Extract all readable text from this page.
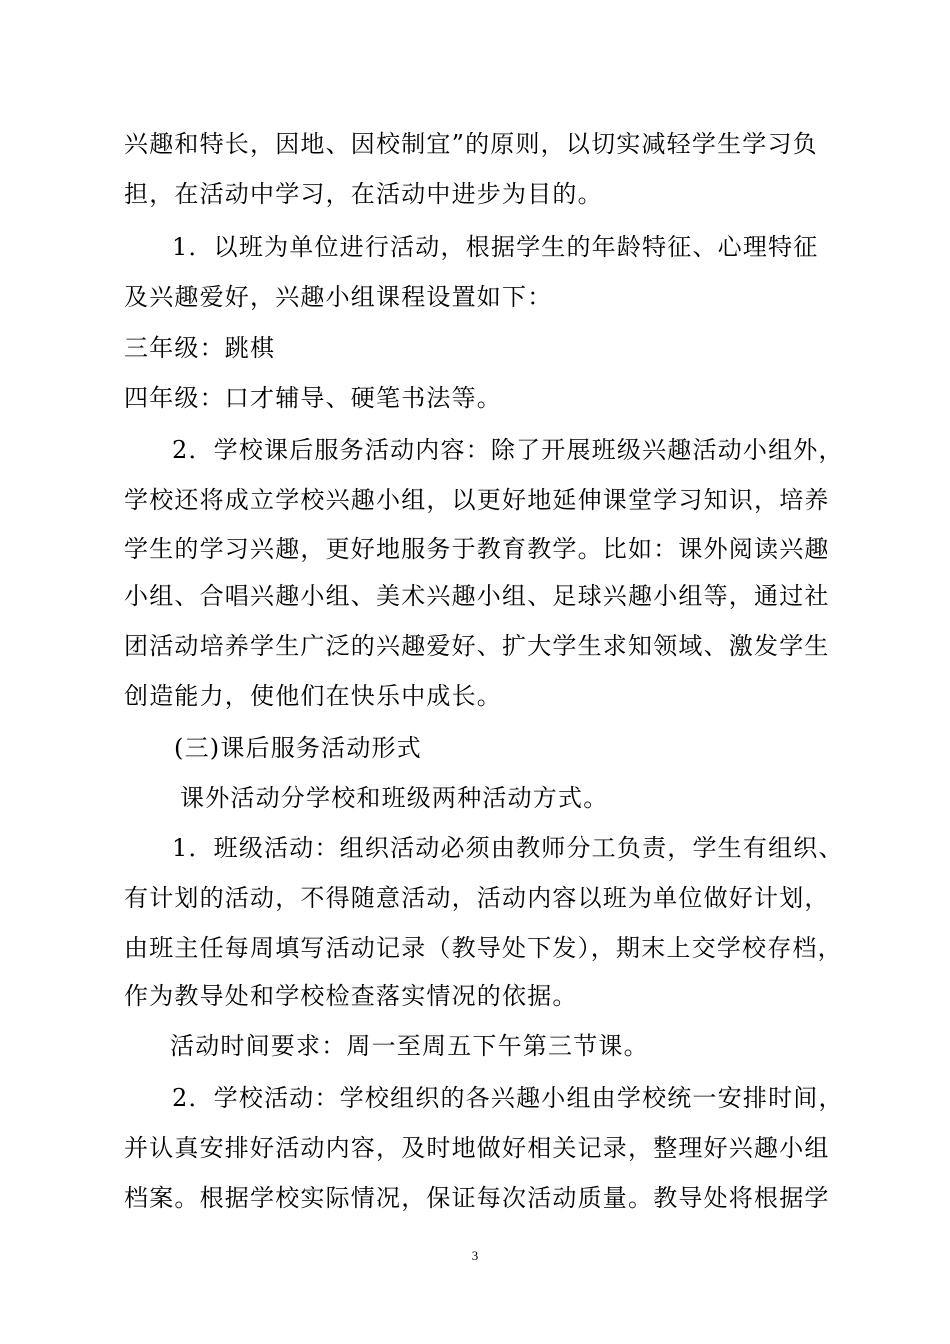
兴趣和特长，因地、因校制宜”的原则，以切实减轻学生学习负
担，在活动中学习，在活动中进步为目的。
1．以班为单位进行活动，根据学生的年龄特征、心理特征
及兴趣爱好，兴趣小组课程设置如下：
三年级：跳棋
四年级：口才辅导、硬笔书法等。
2．学校课后服务活动内容：除了开展班级兴趣活动小组外，
学校还将成立学校兴趣小组，以更好地延伸课堂学习知识，培养
学生的学习兴趣，更好地服务于教育教学。比如：课外阅读兴趣
小组、合唱兴趣小组、美术兴趣小组、足球兴趣小组等，通过社
团活动培养学生广泛的兴趣爱好、扩大学生求知领域、激发学生
创造能力，使他们在快乐中成长。
(三)课后服务活动形式
课外活动分学校和班级两种活动方式。
1．班级活动：组织活动必须由教师分工负责，学生有组织、
有计划的活动，不得随意活动，活动内容以班为单位做好计划，
由班主任每周填写活动记录（教导处下发），期末上交学校存档，
作为教导处和学校检查落实情况的依据。
活动时间要求：周一至周五下午第三节课。
2．学校活动：学校组织的各兴趣小组由学校统一安排时间，
并认真安排好活动内容，及时地做好相关记录，整理好兴趣小组
档案。根据学校实际情况，保证每次活动质量。教导处将根据学
3
